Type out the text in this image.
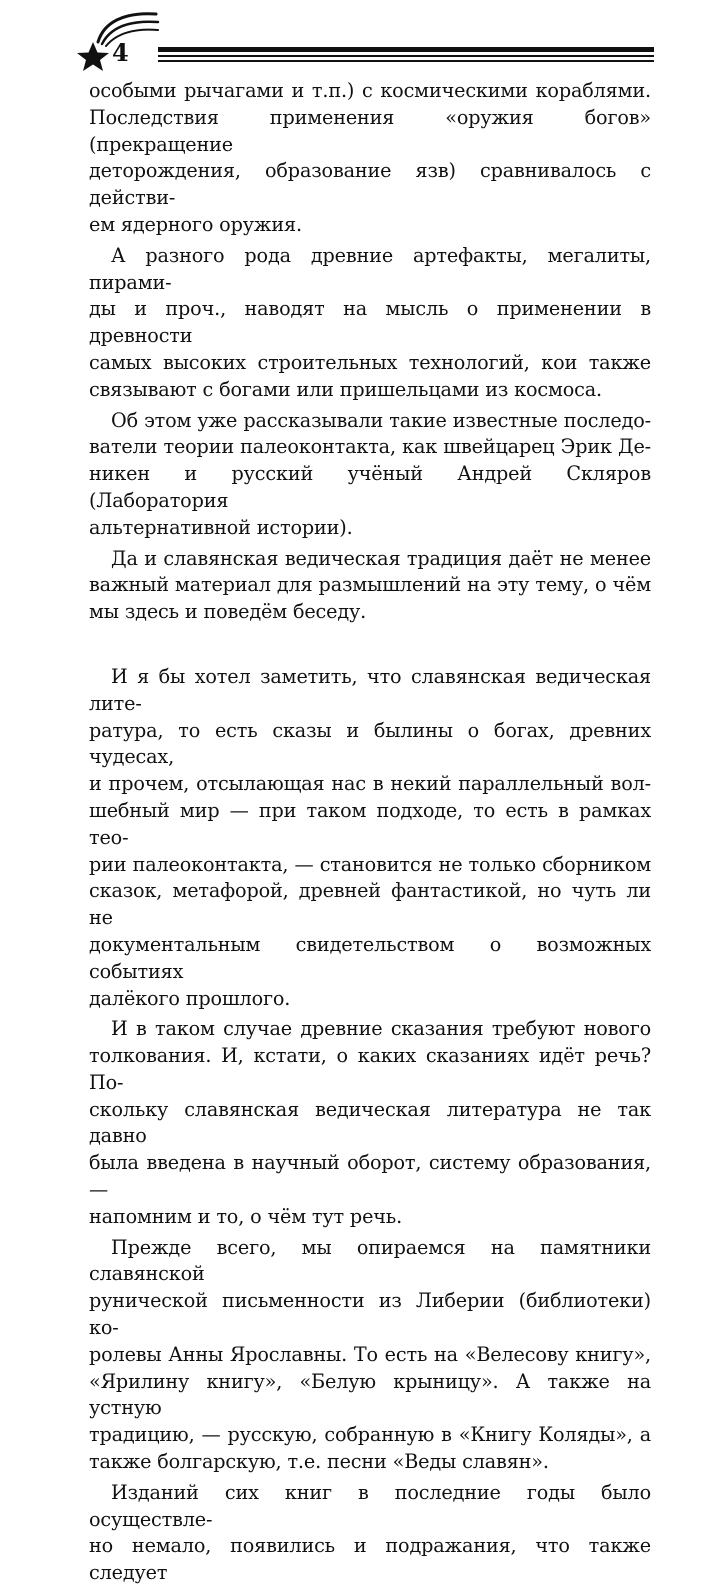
4

особыми рычагами и т.п.) с космическими кораблями.
Последствия применения «оружия богов» (прекращение
деторождения, образование язв) сравнивалось с действи-
ем ядерного оружия.

А разного рода древние артефакты, мегалиты, пирами-
ды и проч., наводят на мысль о применении в древности
самых высоких строительных технологий, кои также
связывают с богами или пришельцами из космоса.

Об этом уже рассказывали такие известные последо-
ватели теории палеоконтакта, как швейцарец Эрик Де-
никен и русский учёный Андрей Скляров (Лаборатория
альтернативной истории).

Да и славянская ведическая традиция даёт не менее
важный материал для размышлений на эту тему, о чём
мы здесь и поведём беседу.

И я бы хотел заметить, что славянская ведическая лите-
ратура, то есть сказы и былины о богах, древних чудесах,
и прочем, отсылающая нас в некий параллельный вол-
шебный мир — при таком подходе, то есть в рамках тео-
рии палеоконтакта, — становится не только сборником
сказок, метафорой, древней фантастикой, но чуть ли не
документальным свидетельством о возможных событиях
далёкого прошлого.

И в таком случае древние сказания требуют нового
толкования. И, кстати, о каких сказаниях идёт речь? По-
скольку славянская ведическая литература не так давно
была введена в научный оборот, систему образования, —
напомним и то, о чём тут речь.

Прежде всего, мы опираемся на памятники славянской
рунической письменности из Либерии (библиотеки) ко-
ролевы Анны Ярославны. То есть на «Велесову книгу»,
«Ярилину книгу», «Белую крыницу». А также на устную
традицию, — русскую, собранную в «Книгу Коляды», а
также болгарскую, т.е. песни «Веды славян».

Изданий сих книг в последние годы было осуществле-
но немало, появились и подражания, что также следует
